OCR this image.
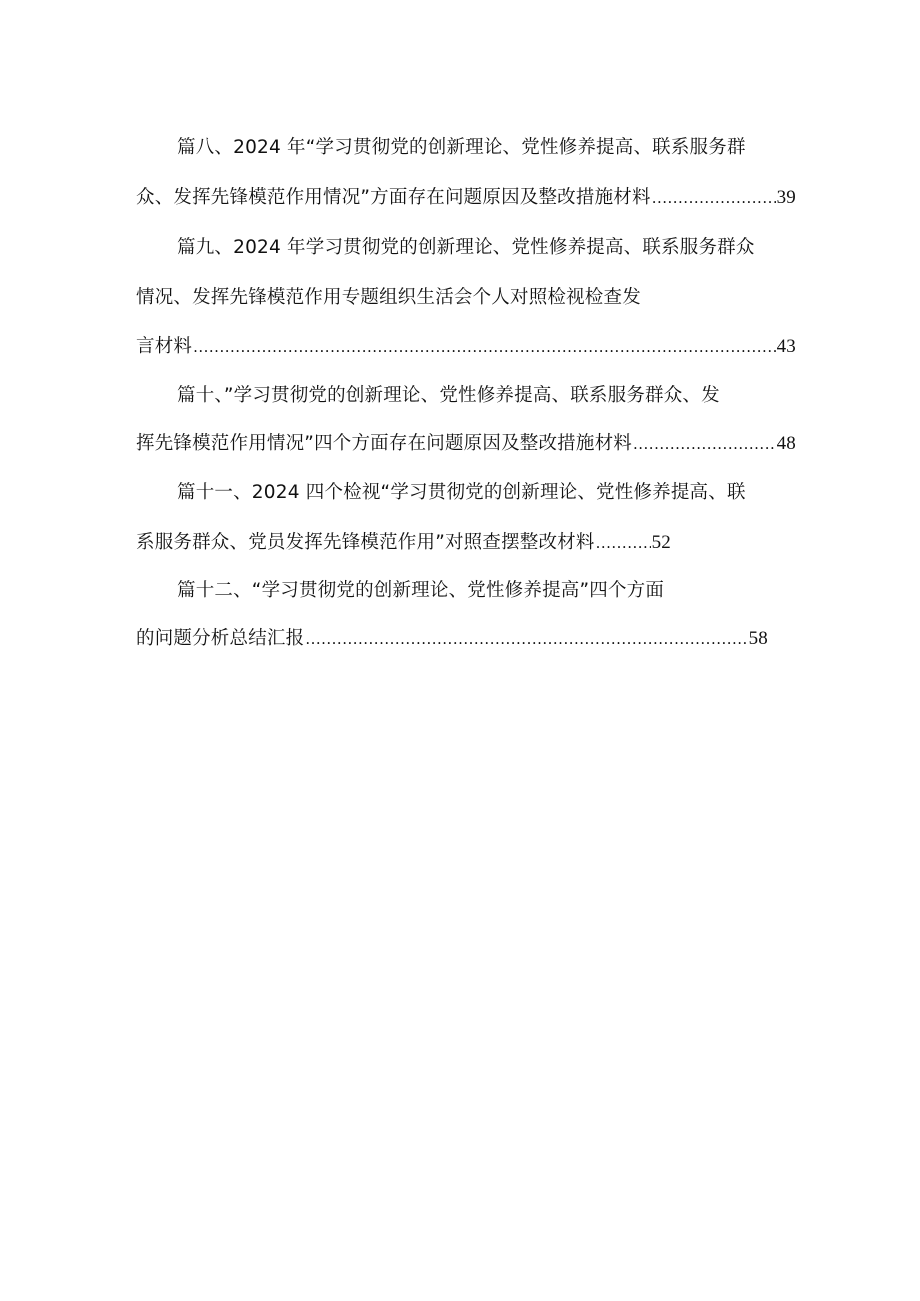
篇八、2024 年“学习贯彻党的创新理论、党性修养提高、联系服务群
众、发挥先锋模范作用情况”方面存在问题原因及整改措施材料 .....	39
篇九、2024 年学习贯彻党的创新理论、党性修养提高、联系服务群众
情况、发挥先锋模范作用专题组织生活会个人对照检视检查发
言材料 .....	43
篇十、”学习贯彻党的创新理论、党性修养提高、联系服务群众、发
挥先锋模范作用情况”四个方面存在问题原因及整改措施材料 .....	48
篇十一、2024 四个检视“学习贯彻党的创新理论、党性修养提高、联
系服务群众、党员发挥先锋模范作用”对照查摆整改材料 .....	52
篇十二、“学习贯彻党的创新理论、党性修养提高”四个方面
的问题分析总结汇报 .....	58
